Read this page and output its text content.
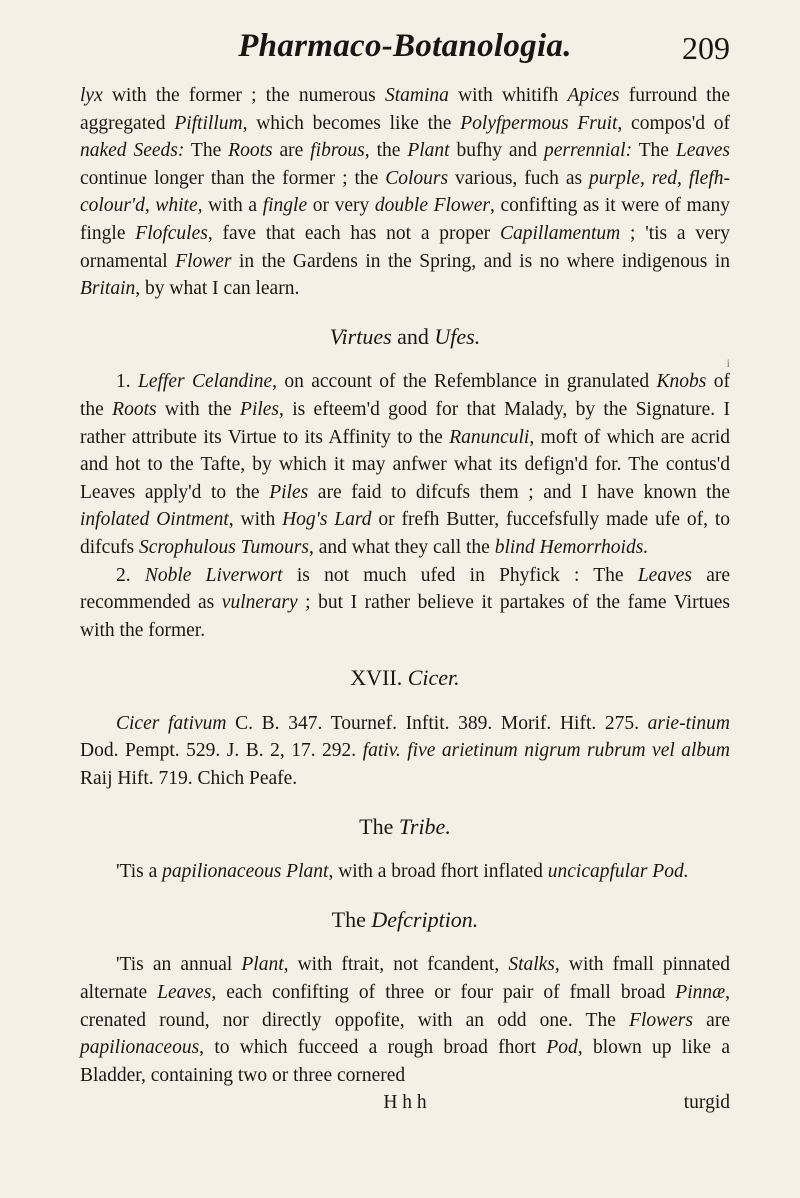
Pharmaco-Botanologia.	209

lyx with the former ; the numerous Stamina with whitifh Apices furround the aggregated Piftillum, which becomes like the Polyfpermous Fruit, compos'd of naked Seeds: The Roots are fibrous, the Plant bufhy and perrennial: The Leaves continue longer than the former ; the Colours various, fuch as purple, red, flefh-colour'd, white, with a fingle or very double Flower, confifting as it were of many fingle Flofcules, fave that each has not a proper Capillamentum ; 'tis a very ornamental Flower in the Gardens in the Spring, and is no where indigenous in Britain, by what I can learn.

Virtues and Ufes.
i

1. Leffer Celandine, on account of the Refemblance in granulated Knobs of the Roots with the Piles, is efteem'd good for that Malady, by the Signature. I rather attribute its Virtue to its Affinity to the Ranunculi, moft of which are acrid and hot to the Tafte, by which it may anfwer what its defign'd for. The contus'd Leaves apply'd to the Piles are faid to difcufs them ; and I have known the infolated Ointment, with Hog's Lard or frefh Butter, fuccefsfully made ufe of, to difcufs Scrophulous Tumours, and what they call the blind Hemorrhoids.

2. Noble Liverwort is not much ufed in Phyfick : The Leaves are recommended as vulnerary ; but I rather believe it partakes of the fame Virtues with the former.

XVII. Cicer.

Cicer fativum C. B. 347. Tournef. Inftit. 389. Morif. Hift. 275. arie-tinum Dod. Pempt. 529. J. B. 2, 17. 292. fativ. five arietinum nigrum rubrum vel album Raij Hift. 719. Chich Peafe.

The Tribe.

'Tis a papilionaceous Plant, with a broad fhort inflated uncicapfular Pod.

The Defcription.

'Tis an annual Plant, with ftrait, not fcandent, Stalks, with fmall pinnated alternate Leaves, each confifting of three or four pair of fmall broad Pinnæ, crenated round, nor directly oppofite, with an odd one. The Flowers are papilionaceous, to which fucceed a rough broad fhort Pod, blown up like a Bladder, containing two or three cornered

H h h	turgid
